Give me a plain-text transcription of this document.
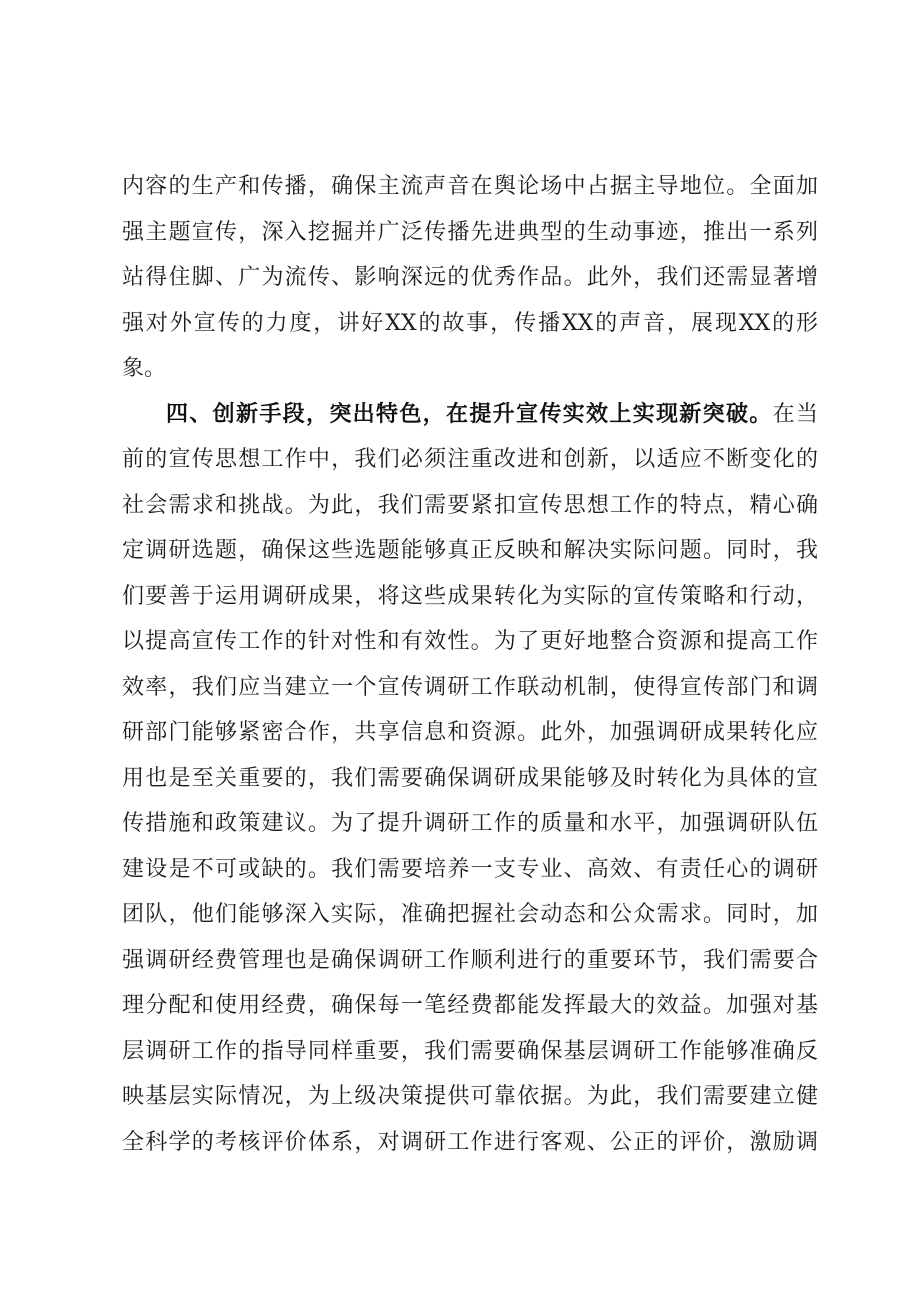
内容的生产和传播，确保主流声音在舆论场中占据主导地位。全面加
强主题宣传，深入挖掘并广泛传播先进典型的生动事迹，推出一系列
站得住脚、广为流传、影响深远的优秀作品。此外，我们还需显著增
强对外宣传的力度，讲好XX的故事，传播XX的声音，展现XX的形
象。
四、创新手段，突出特色，在提升宣传实效上实现新突破。在当
前的宣传思想工作中，我们必须注重改进和创新，以适应不断变化的
社会需求和挑战。为此，我们需要紧扣宣传思想工作的特点，精心确
定调研选题，确保这些选题能够真正反映和解决实际问题。同时，我
们要善于运用调研成果，将这些成果转化为实际的宣传策略和行动，
以提高宣传工作的针对性和有效性。为了更好地整合资源和提高工作
效率，我们应当建立一个宣传调研工作联动机制，使得宣传部门和调
研部门能够紧密合作，共享信息和资源。此外，加强调研成果转化应
用也是至关重要的，我们需要确保调研成果能够及时转化为具体的宣
传措施和政策建议。为了提升调研工作的质量和水平，加强调研队伍
建设是不可或缺的。我们需要培养一支专业、高效、有责任心的调研
团队，他们能够深入实际，准确把握社会动态和公众需求。同时，加
强调研经费管理也是确保调研工作顺利进行的重要环节，我们需要合
理分配和使用经费，确保每一笔经费都能发挥最大的效益。加强对基
层调研工作的指导同样重要，我们需要确保基层调研工作能够准确反
映基层实际情况，为上级决策提供可靠依据。为此，我们需要建立健
全科学的考核评价体系，对调研工作进行客观、公正的评价，激励调
